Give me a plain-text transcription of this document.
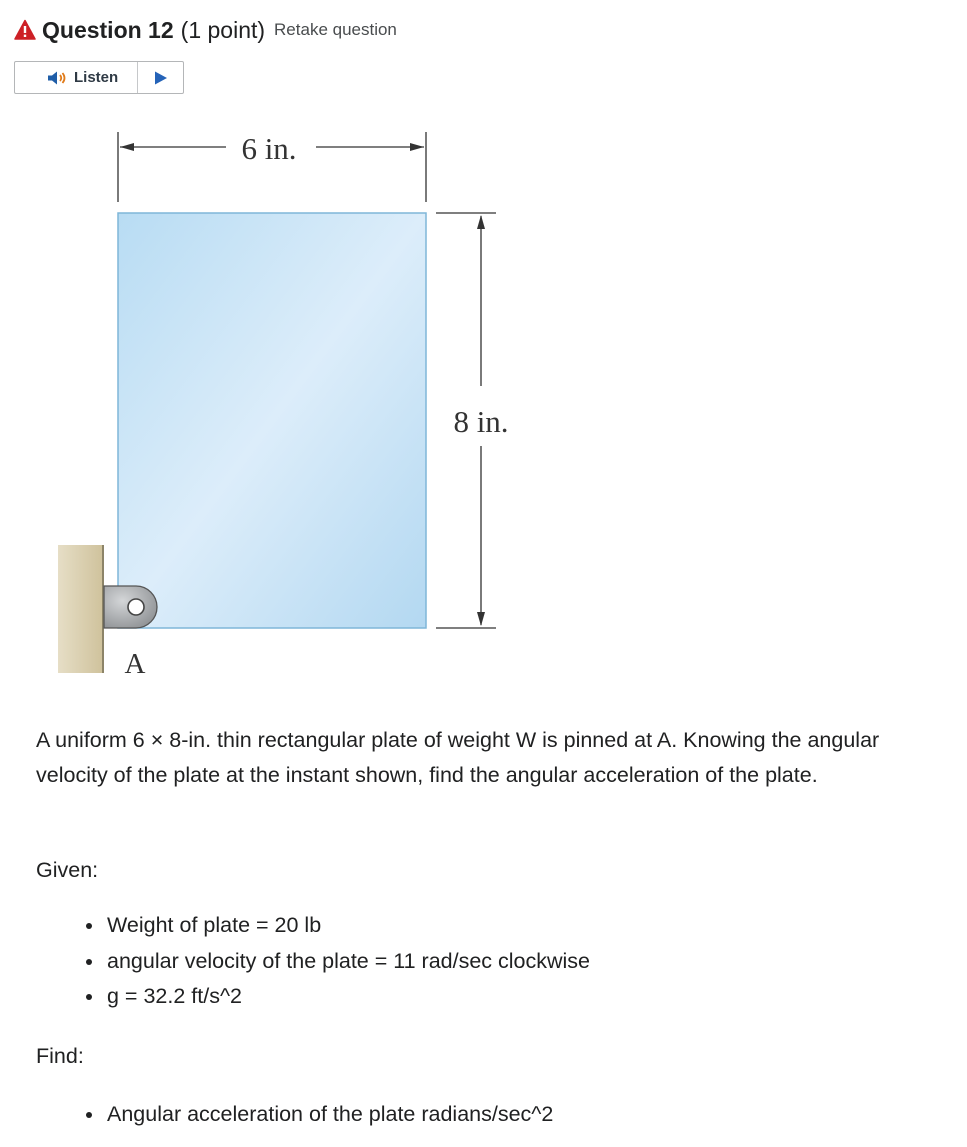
Question 12 (1 point) Retake question
Listen
6 in.
8 in.
A

A uniform 6 × 8-in. thin rectangular plate of weight W is pinned at A. Knowing the angular velocity of the plate at the instant shown, find the angular acceleration of the plate.

Given:

Weight of plate = 20 lb
angular velocity of the plate = 11 rad/sec clockwise
g = 32.2 ft/s^2

Find:

Angular acceleration of the plate radians/sec^2
